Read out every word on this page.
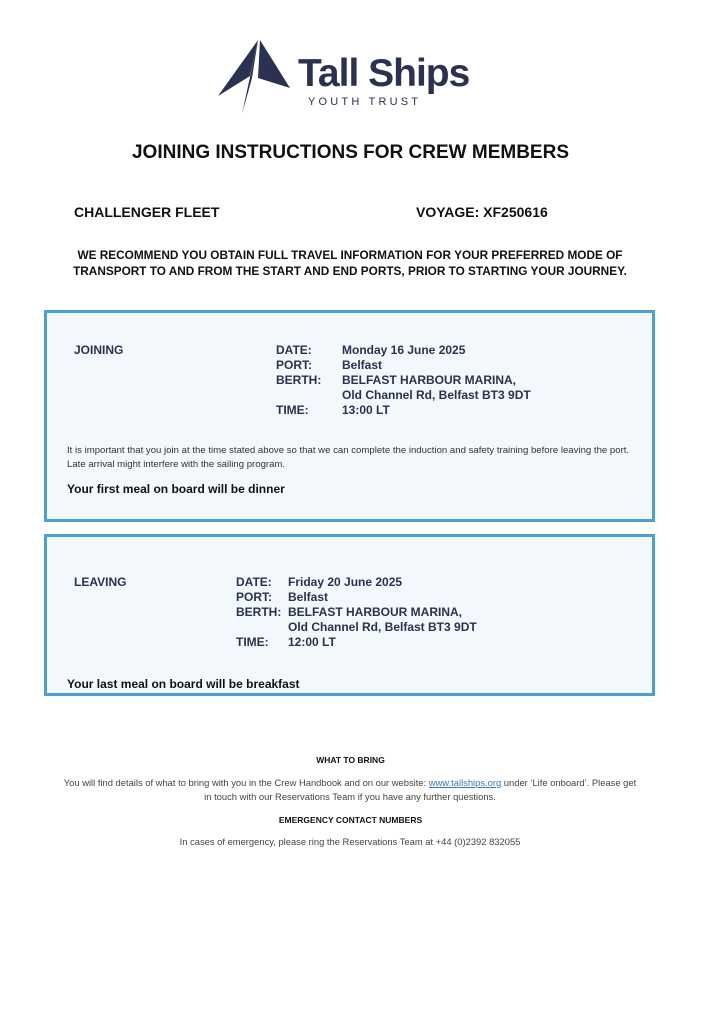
Tall Ships
YOUTH TRUST
JOINING INSTRUCTIONS FOR CREW MEMBERS
CHALLENGER FLEET	VOYAGE: XF250616
WE RECOMMEND YOU OBTAIN FULL TRAVEL INFORMATION FOR YOUR PREFERRED MODE OF TRANSPORT TO AND FROM THE START AND END PORTS, PRIOR TO STARTING YOUR JOURNEY.
JOINING	DATE:	Monday 16 June 2025
PORT:	Belfast
BERTH: BELFAST HARBOUR MARINA,
Old Channel Rd, Belfast BT3 9DT
TIME:	13:00 LT
It is important that you join at the time stated above so that we can complete the induction and safety training before leaving the port. Late arrival might interfere with the sailing program.
Your first meal on board will be dinner
LEAVING	DATE: Friday 20 June 2025
PORT: Belfast
BERTH: BELFAST HARBOUR MARINA,
Old Channel Rd, Belfast BT3 9DT
TIME: 12:00 LT
Your last meal on board will be breakfast
WHAT TO BRING
You will find details of what to bring with you in the Crew Handbook and on our website: www.tallships.org under ‘Life onboard’. Please get in touch with our Reservations Team if you have any further questions.
EMERGENCY CONTACT NUMBERS
In cases of emergency, please ring the Reservations Team at +44 (0)2392 832055
